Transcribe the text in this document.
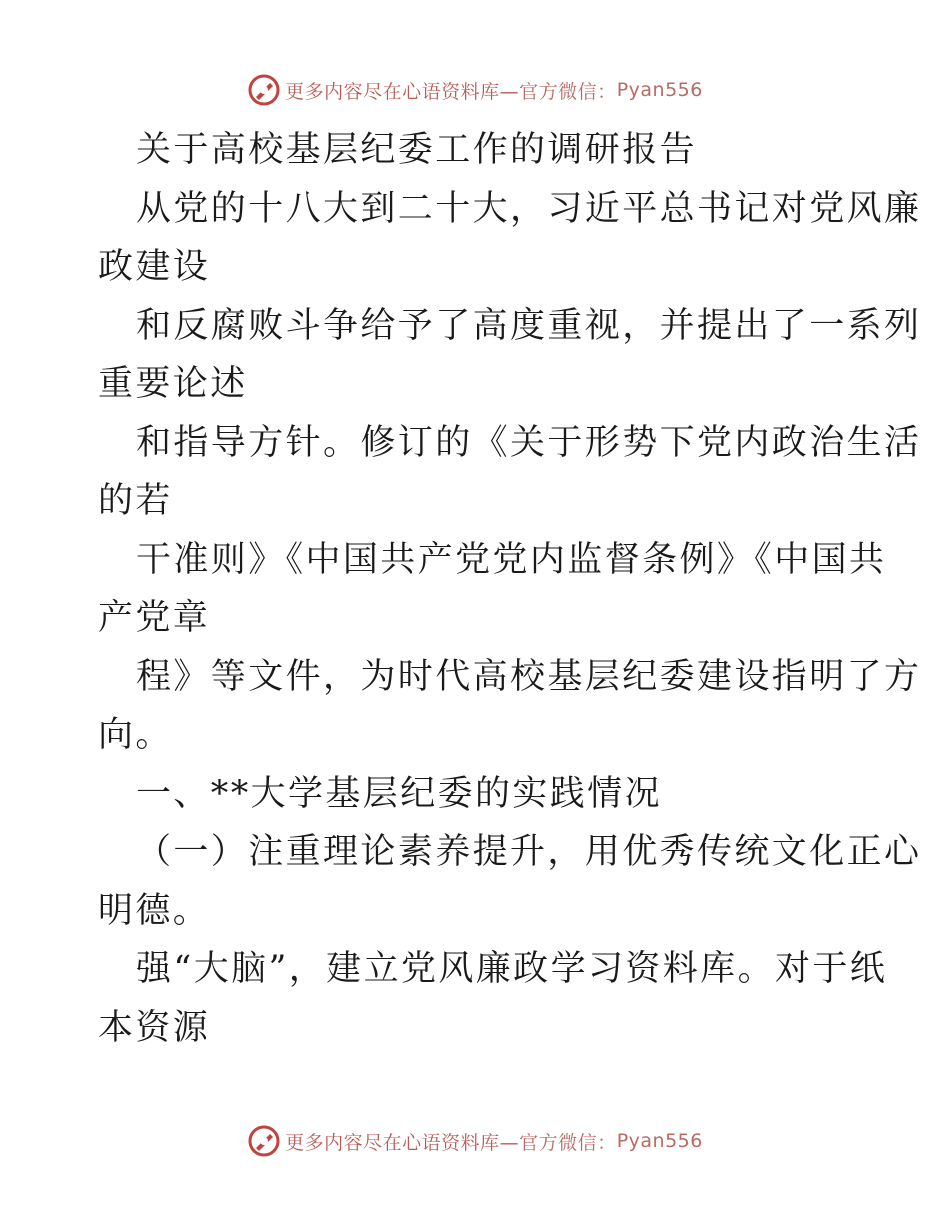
更多内容尽在心语资料库— 官方微信： Pyan556

关于高校基层纪委工作的调研报告

从党的十八大到二十大，习近平总书记对党风廉

政建设

和反腐败斗争给予了高度重视，并提出了一系列

重要论述

和指导方针。修订的《关于形势下党内政治生活

的若

干准则》《中国共产党党内监督条例》《中国共

产党章

程》等文件，为时代高校基层纪委建设指明了方

向。

一、**大学基层纪委的实践情况

（一）注重理论素养提升，用优秀传统文化正心

明德。

强“大脑”，建立党风廉政学习资料库。对于纸

本资源

更多内容尽在心语资料库— 官方微信： Pyan556
